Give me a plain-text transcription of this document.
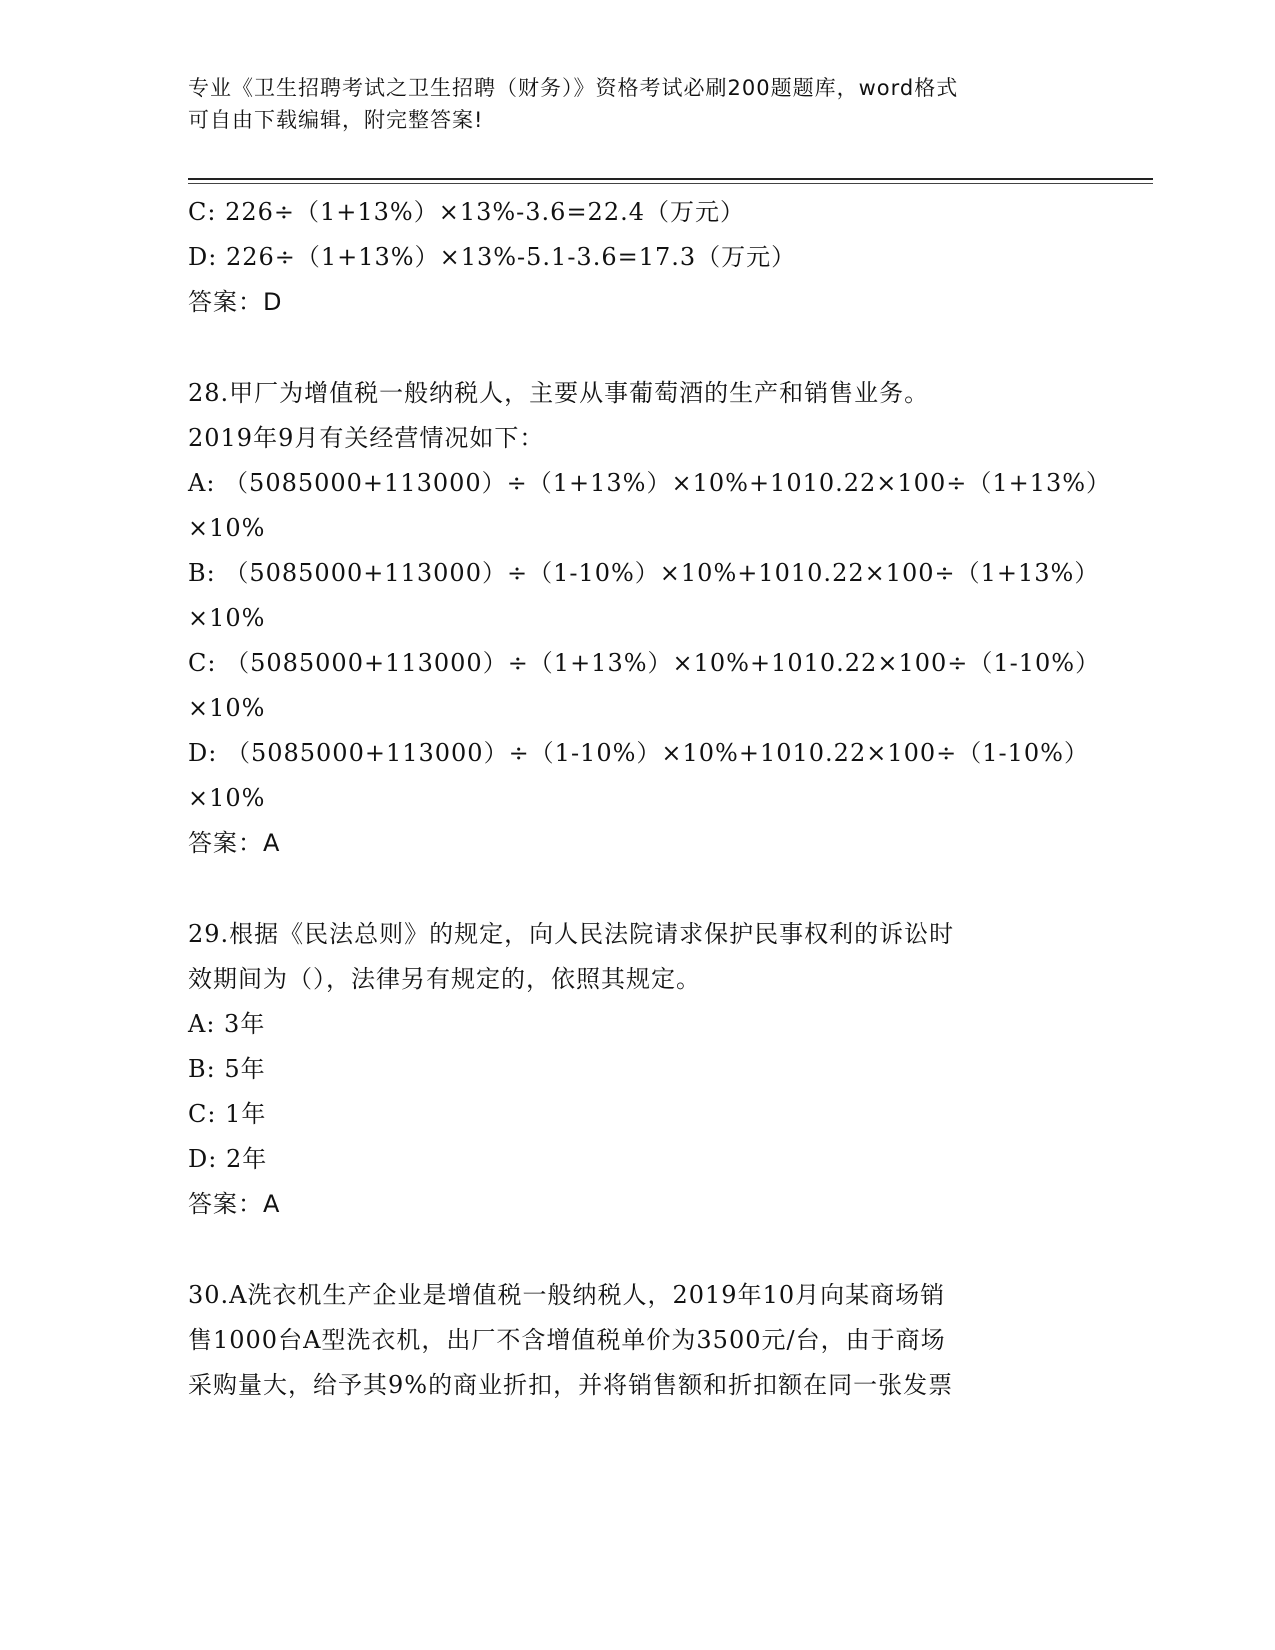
专业《卫生招聘考试之卫生招聘（财务）》资格考试必刷200题题库，word格式
可自由下载编辑，附完整答案!
C: 226÷（1+13%）×13%-3.6=22.4（万元）
D: 226÷（1+13%）×13%-5.1-3.6=17.3（万元）
答案：D
28.甲厂为增值税一般纳税人，主要从事葡萄酒的生产和销售业务。
2019年9月有关经营情况如下：
A: （5085000+113000）÷（1+13%）×10%+1010.22×100÷（1+13%）
×10%
B: （5085000+113000）÷（1-10%）×10%+1010.22×100÷（1+13%）
×10%
C: （5085000+113000）÷（1+13%）×10%+1010.22×100÷（1-10%）
×10%
D: （5085000+113000）÷（1-10%）×10%+1010.22×100÷（1-10%）
×10%
答案：A
29.根据《民法总则》的规定，向人民法院请求保护民事权利的诉讼时
效期间为（），法律另有规定的，依照其规定。
A: 3年
B: 5年
C: 1年
D: 2年
答案：A
30.A洗衣机生产企业是增值税一般纳税人，2019年10月向某商场销
售1000台A型洗衣机，出厂不含增值税单价为3500元/台，由于商场
采购量大，给予其9%的商业折扣，并将销售额和折扣额在同一张发票
